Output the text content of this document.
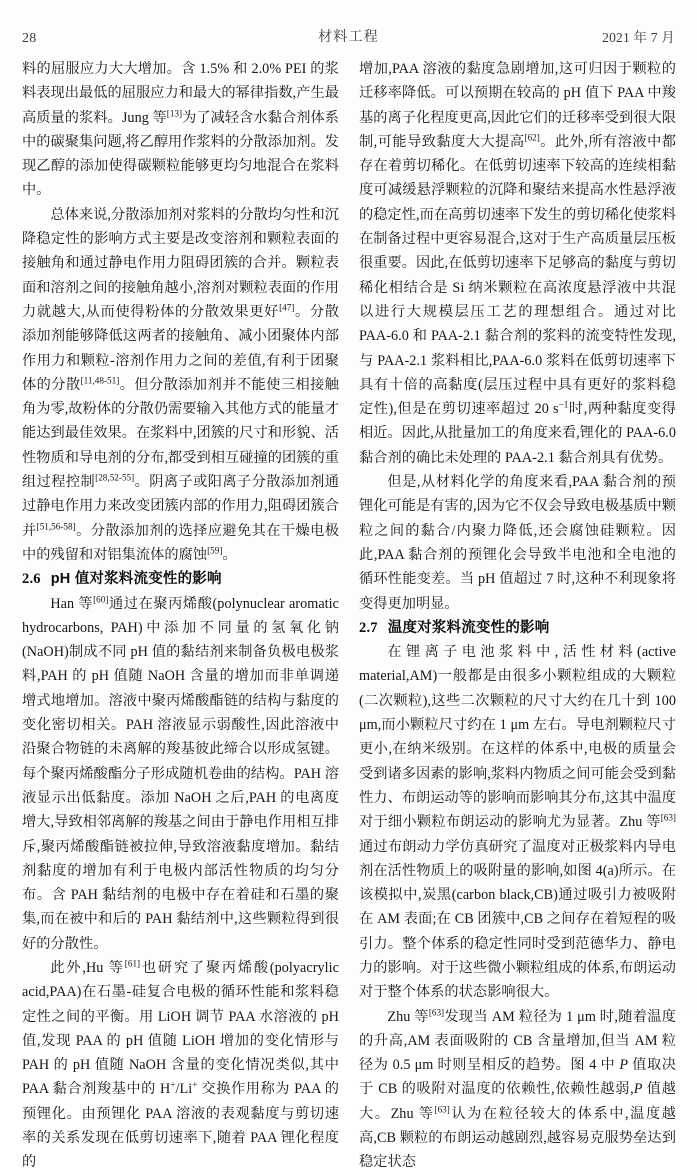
28	材料工程	2021 年 7 月

料的屈服应力大大增加。含 1.5% 和 2.0% PEI 的浆料表现出最低的屈服应力和最大的幂律指数,产生最高质量的浆料。Jung 等[13]为了减轻含水黏合剂体系中的碳聚集问题,将乙醇用作浆料的分散添加剂。发现乙醇的添加使得碳颗粒能够更均匀地混合在浆料中。

总体来说,分散添加剂对浆料的分散均匀性和沉降稳定性的影响方式主要是改变溶剂和颗粒表面的接触角和通过静电作用力阻碍团簇的合并。颗粒表面和溶剂之间的接触角越小,溶剂对颗粒表面的作用力就越大,从而使得粉体的分散效果更好[47]。分散添加剂能够降低这两者的接触角、减小团聚体内部作用力和颗粒-溶剂作用力之间的差值,有利于团聚体的分散[11,48-51]。但分散添加剂并不能使三相接触角为零,故粉体的分散仍需要输入其他方式的能量才能达到最佳效果。在浆料中,团簇的尺寸和形貌、活性物质和导电剂的分布,都受到相互碰撞的团簇的重组过程控制[28,52-55]。阴离子或阳离子分散添加剂通过静电作用力来改变团簇内部的作用力,阻碍团簇合并[51,56-58]。分散添加剂的选择应避免其在干燥电极中的残留和对铝集流体的腐蚀[59]。

2.6 pH 值对浆料流变性的影响

Han 等[60]通过在聚丙烯酸(polynuclear aromatic hydrocarbons, PAH)中添加不同量的氢氧化钠(NaOH)制成不同 pH 值的黏结剂来制备负极电极浆料,PAH 的 pH 值随 NaOH 含量的增加而非单调递增式地增加。溶液中聚丙烯酸酯链的结构与黏度的变化密切相关。PAH 溶液显示弱酸性,因此溶液中沿聚合物链的未离解的羧基彼此缔合以形成氢键。每个聚丙烯酸酯分子形成随机卷曲的结构。PAH 溶液显示出低黏度。添加 NaOH 之后,PAH 的电离度增大,导致相邻离解的羧基之间由于静电作用相互排斥,聚丙烯酸酯链被拉伸,导致溶液黏度增加。黏结剂黏度的增加有利于电极内部活性物质的均匀分布。含 PAH 黏结剂的电极中存在着硅和石墨的聚集,而在被中和后的 PAH 黏结剂中,这些颗粒得到很好的分散性。

此外,Hu 等[61]也研究了聚丙烯酸(polyacrylic acid,PAA)在石墨-硅复合电极的循环性能和浆料稳定性之间的平衡。用 LiOH 调节 PAA 水溶液的 pH 值,发现 PAA 的 pH 值随 LiOH 增加的变化情形与 PAH 的 pH 值随 NaOH 含量的变化情况类似,其中 PAA 黏合剂羧基中的 H+/Li+ 交换作用称为 PAA 的预锂化。由预锂化 PAA 溶液的表观黏度与剪切速率的关系发现在低剪切速率下,随着 PAA 锂化程度的

增加,PAA 溶液的黏度急剧增加,这可归因于颗粒的迁移率降低。可以预期在较高的 pH 值下 PAA 中羧基的离子化程度更高,因此它们的迁移率受到很大限制,可能导致黏度大大提高[62]。此外,所有溶液中都存在着剪切稀化。在低剪切速率下较高的连续相黏度可减缓悬浮颗粒的沉降和聚结来提高水性悬浮液的稳定性,而在高剪切速率下发生的剪切稀化使浆料在制备过程中更容易混合,这对于生产高质量层压板很重要。因此,在低剪切速率下足够高的黏度与剪切稀化相结合是 Si 纳米颗粒在高浓度悬浮液中共混以进行大规模层压工艺的理想组合。通过对比 PAA-6.0 和 PAA-2.1 黏合剂的浆料的流变特性发现,与 PAA-2.1 浆料相比,PAA-6.0 浆料在低剪切速率下具有十倍的高黏度(层压过程中具有更好的浆料稳定性),但是在剪切速率超过 20 $s^{-1}$时,两种黏度变得相近。因此,从批量加工的角度来看,锂化的 PAA-6.0 黏合剂的确比未处理的 PAA-2.1 黏合剂具有优势。

但是,从材料化学的角度来看,PAA 黏合剂的预锂化可能是有害的,因为它不仅会导致电极基质中颗粒之间的黏合/内聚力降低,还会腐蚀硅颗粒。因此,PAA 黏合剂的预锂化会导致半电池和全电池的循环性能变差。当 pH 值超过 7 时,这种不利现象将变得更加明显。

2.7 温度对浆料流变性的影响

在锂离子电池浆料中,活性材料(active material,AM)一般都是由很多小颗粒组成的大颗粒(二次颗粒),这些二次颗粒的尺寸大约在几十到 100 μm,而小颗粒尺寸约在 1 μm 左右。导电剂颗粒尺寸更小,在纳米级别。在这样的体系中,电极的质量会受到诸多因素的影响,浆料内物质之间可能会受到黏性力、布朗运动等的影响而影响其分布,这其中温度对于细小颗粒布朗运动的影响尤为显著。Zhu 等[63]通过布朗动力学仿真研究了温度对正极浆料内导电剂在活性物质上的吸附量的影响,如图 4(a)所示。在该模拟中,炭黑(carbon black,CB)通过吸引力被吸附在 AM 表面;在 CB 团簇中,CB 之间存在着短程的吸引力。整个体系的稳定性同时受到范德华力、静电力的影响。对于这些微小颗粒组成的体系,布朗运动对于整个体系的状态影响很大。

Zhu 等[63]发现当 AM 粒径为 1 μm 时,随着温度的升高,AM 表面吸附的 CB 含量增加,但当 AM 粒径为 0.5 μm 时则呈相反的趋势。图 4 中 P 值取决于 CB 的吸附对温度的依赖性,依赖性越弱,P 值越大。Zhu 等[63]认为在粒径较大的体系中,温度越高,CB 颗粒的布朗运动越剧烈,越容易克服势垒达到稳定状态
